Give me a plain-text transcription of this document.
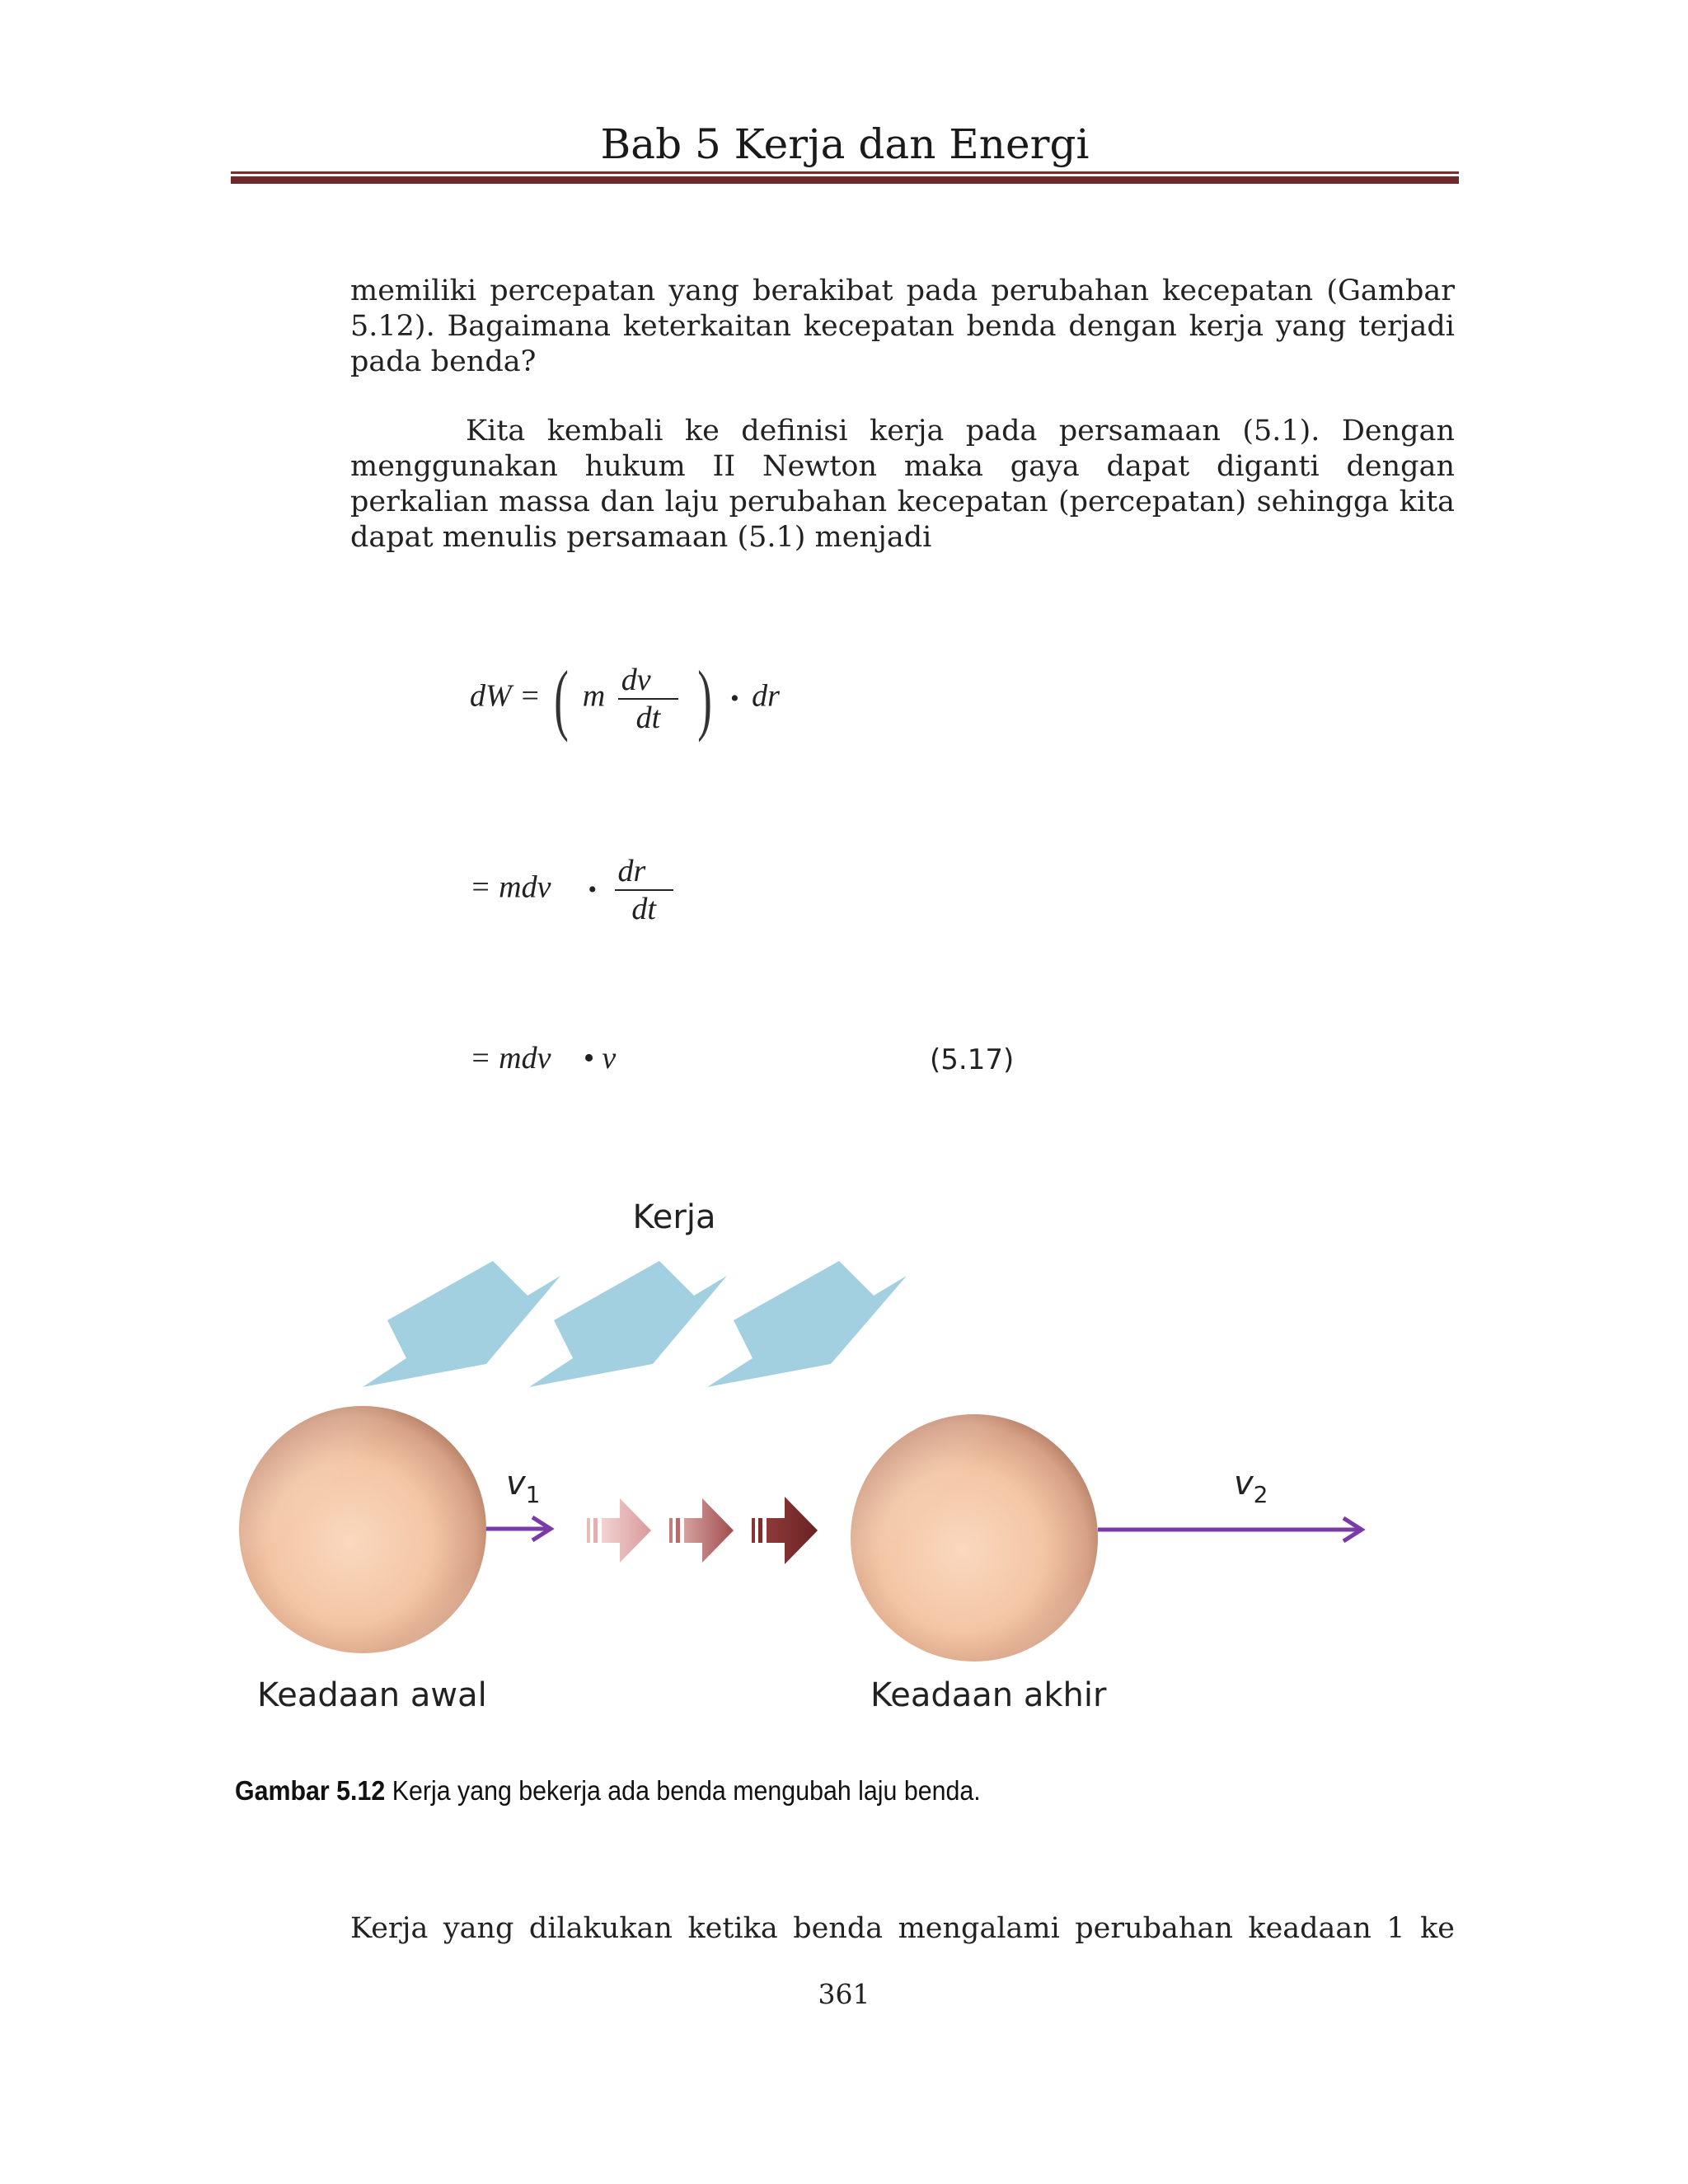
Bab 5 Kerja dan Energi
memiliki percepatan yang berakibat pada perubahan kecepatan (Gambar 5.12). Bagaimana keterkaitan kecepatan benda dengan kerja yang terjadi pada benda?
Kita kembali ke definisi kerja pada persamaan (5.1). Dengan menggunakan hukum II Newton maka gaya dapat diganti dengan perkalian massa dan laju perubahan kecepatan (percepatan) sehingga kita dapat menulis persamaan (5.1) menjadi
dW = ( m $\frac{dv⃗}{dt}$ ) • dr⃗
= mdv⃗ • $\frac{dr⃗}{dt}$
= mdv⃗ • v⃗	(5.17)
Kerja
$v_1$	$v_2$
Keadaan awal	Keadaan akhir
Gambar 5.12 Kerja yang bekerja ada benda mengubah laju benda.
Kerja yang dilakukan ketika benda mengalami perubahan keadaan 1 ke
361
